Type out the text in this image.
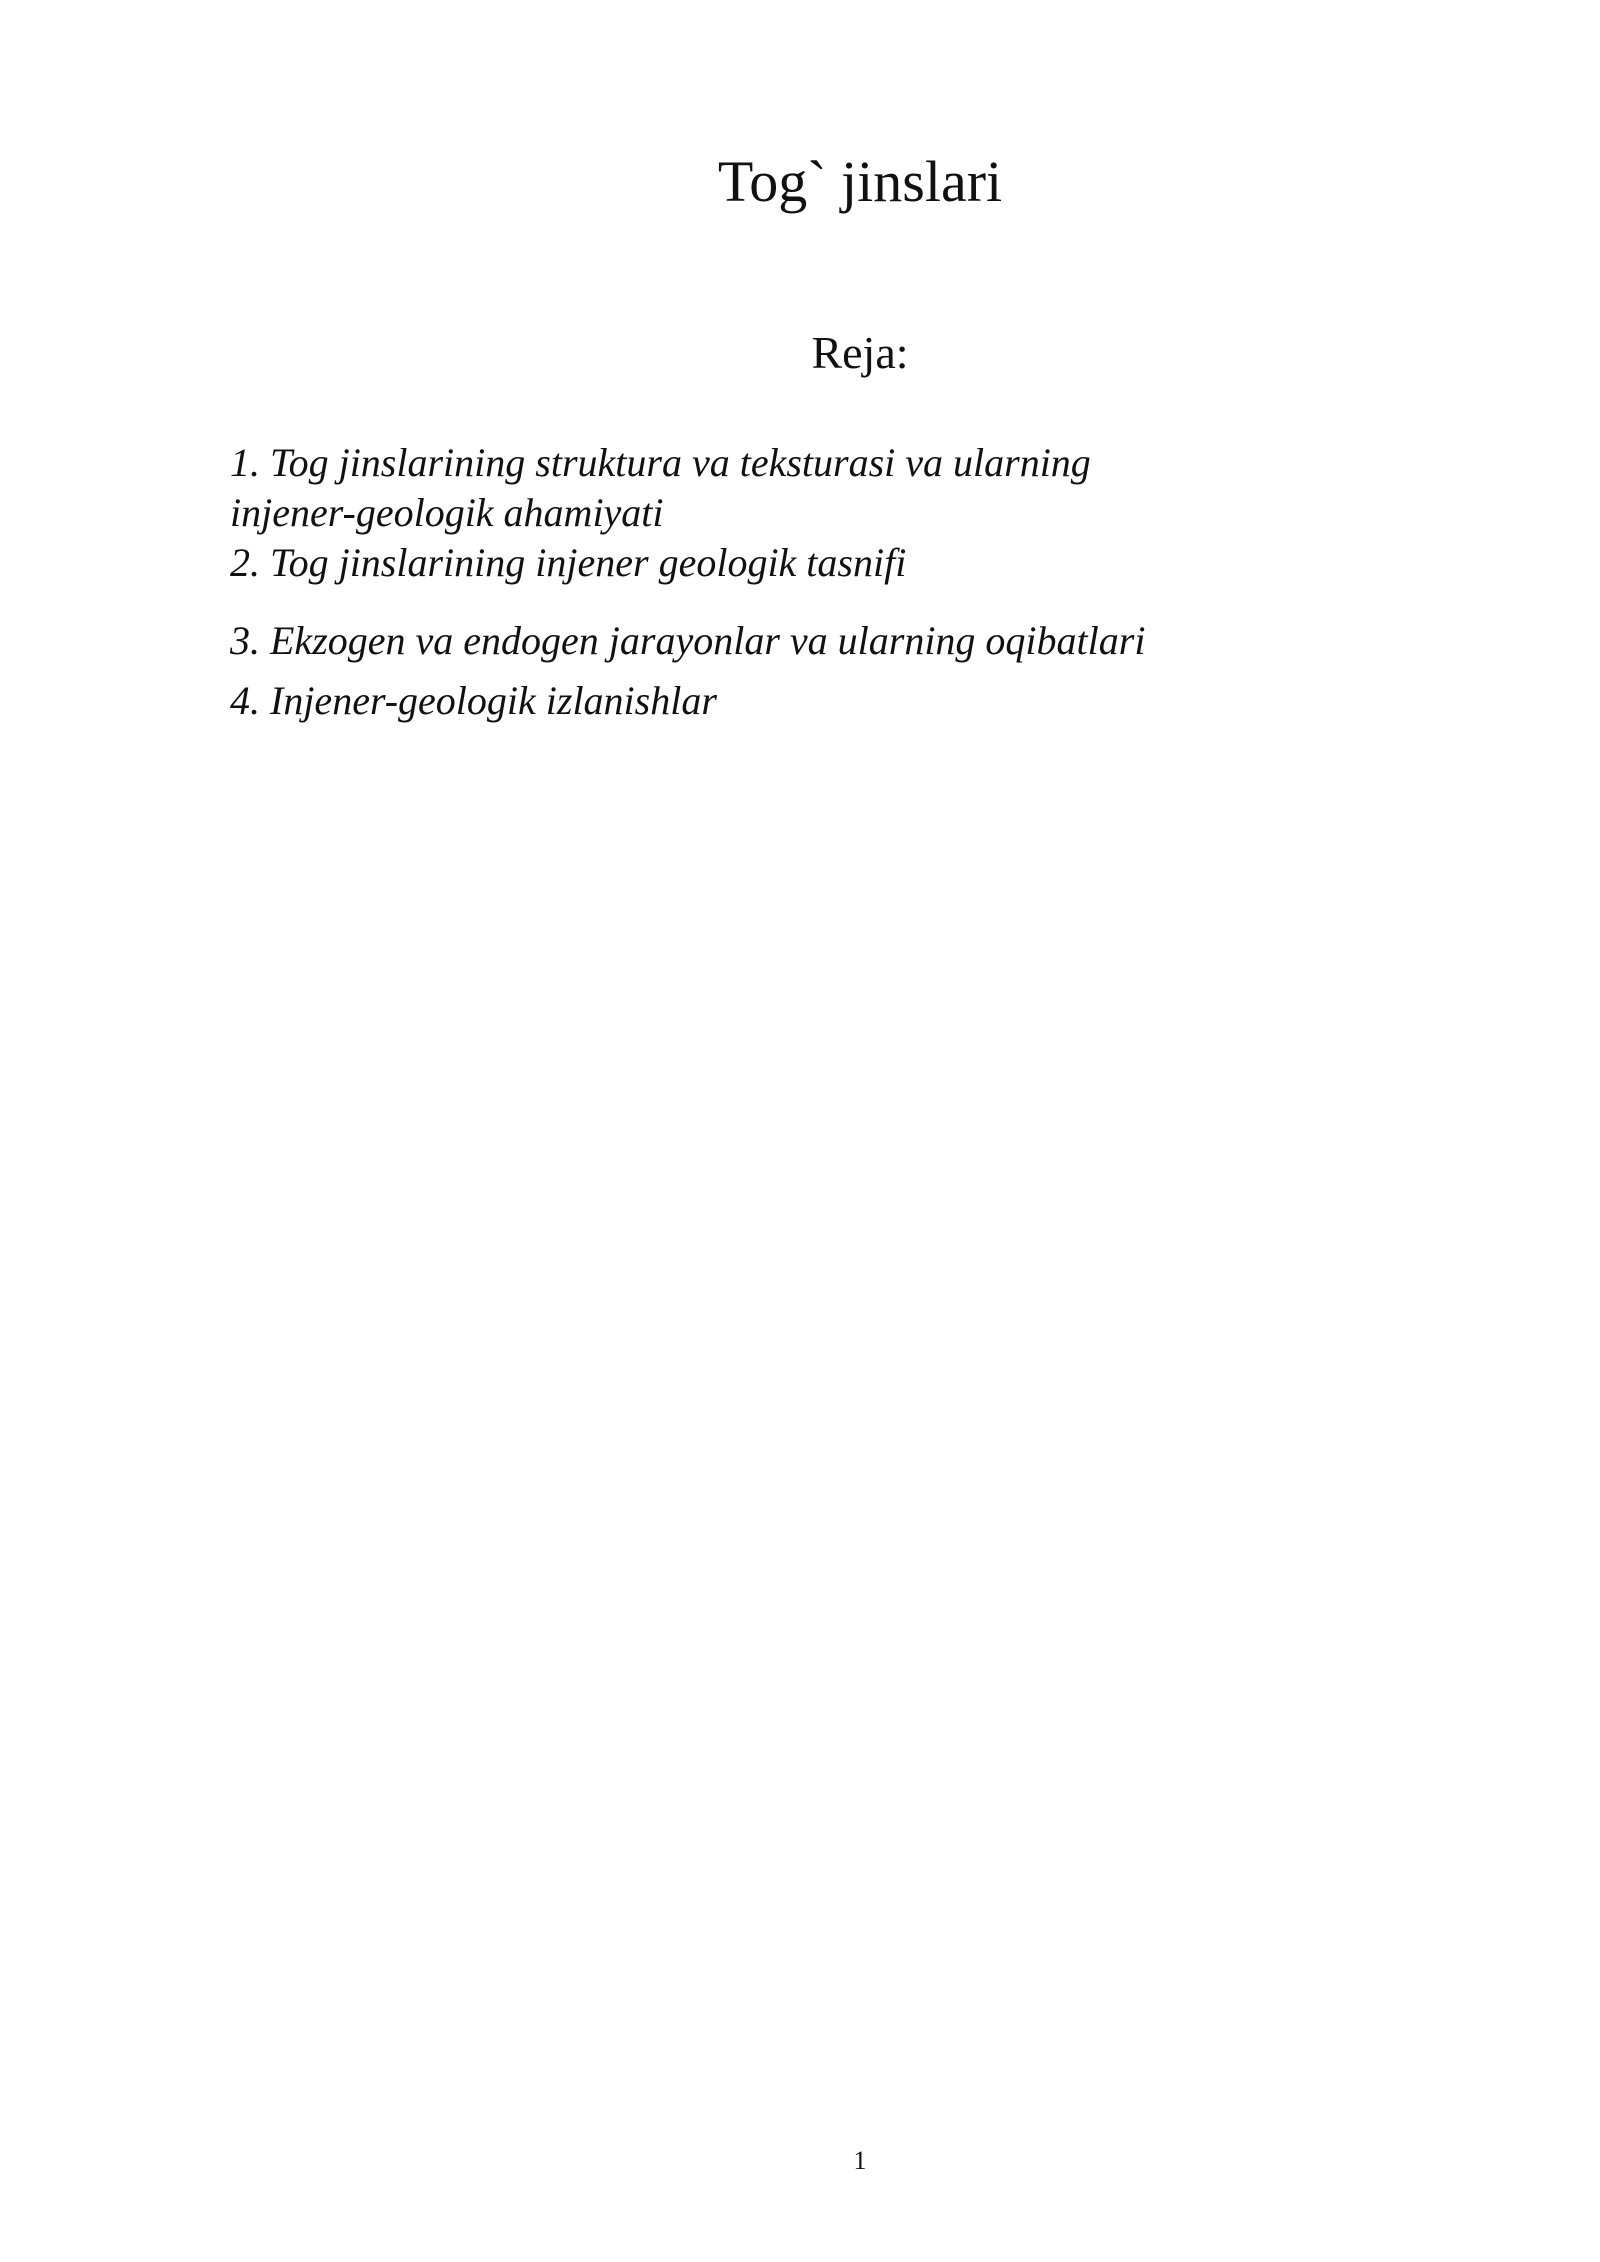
Tog` jinslari
Reja:
1. Tog jinslarining struktura va teksturasi va ularning
injener-geologik ahamiyati
2. Tog jinslarining injener geologik tasnifi
3. Ekzogen va endogen jarayonlar va ularning oqibatlari
4. Injener-geologik izlanishlar
1
